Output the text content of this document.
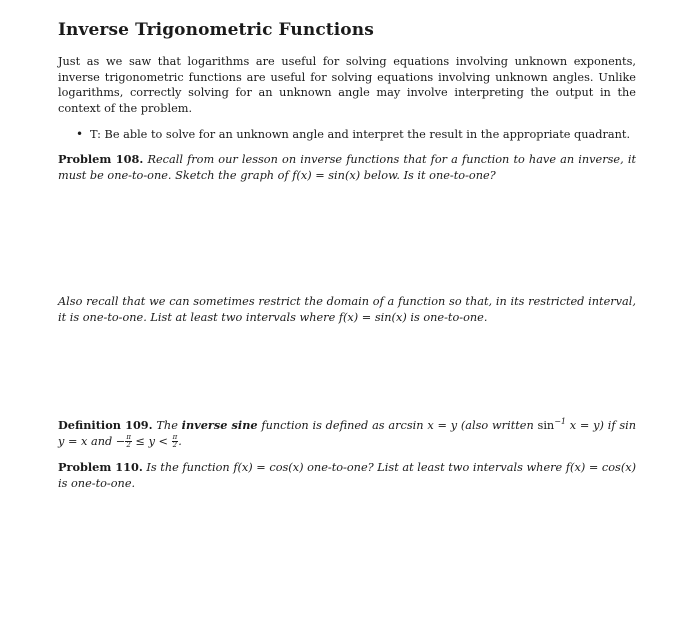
Inverse Trigonometric Functions

Just as we saw that logarithms are useful for solving equations involving unknown exponents, inverse trigonometric functions are useful for solving equations involving unknown angles. Unlike logarithms, correctly solving for an unknown angle may involve interpreting the output in the context of the problem.

• T: Be able to solve for an unknown angle and interpret the result in the appropriate quadrant.

Problem 108. Recall from our lesson on inverse functions that for a function to have an inverse, it must be one-to-one. Sketch the graph of f(x) = sin(x) below. Is it one-to-one?

Also recall that we can sometimes restrict the domain of a function so that, in its restricted interval, it is one-to-one. List at least two intervals where f(x) = sin(x) is one-to-one.

Definition 109. The inverse sine function is defined as arcsin x = y (also written $\sin^{-1} x = y$) if sin y = x and − $\frac{\pi}{2} \le y < \frac{\pi}{2}$ .

Problem 110. Is the function f(x) = cos(x) one-to-one? List at least two intervals where f(x) = cos(x) is one-to-one.
